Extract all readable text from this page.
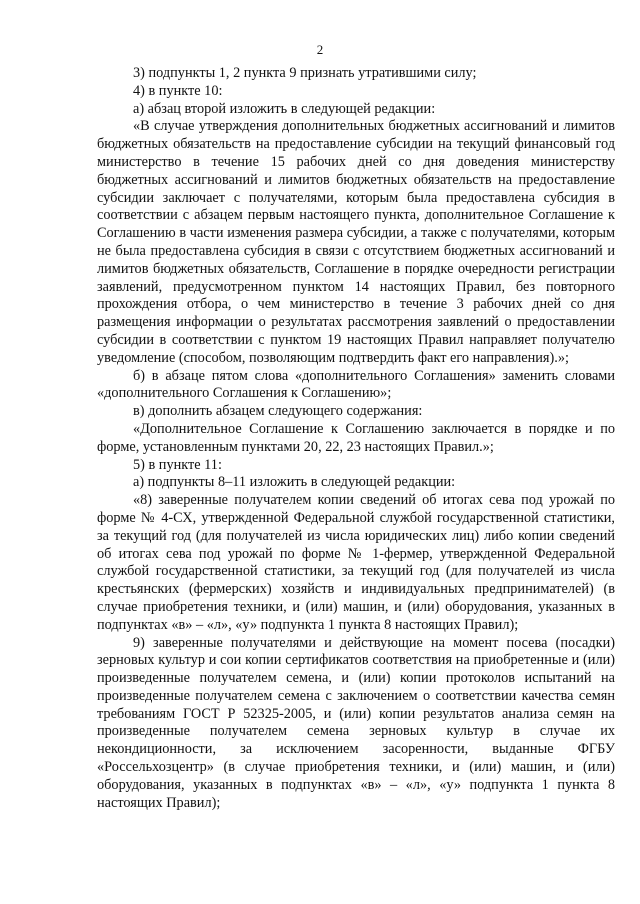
2

3) подпункты 1, 2 пункта 9 признать утратившими силу;

4) в пункте 10:

а) абзац второй изложить в следующей редакции:

«В случае утверждения дополнительных бюджетных ассигнований и лимитов бюджетных обязательств на предоставление субсидии на текущий финансовый год министерство в течение 15 рабочих дней со дня доведения министерству бюджетных ассигнований и лимитов бюджетных обязательств на предоставление субсидии заключает с получателями, которым была предоставлена субсидия в соответствии с абзацем первым настоящего пункта, дополнительное Соглашение к Соглашению в части изменения размера субсидии, а также с получателями, которым не была предоставлена субсидия в связи с отсутствием бюджетных ассигнований и лимитов бюджетных обязательств, Соглашение в порядке очередности регистрации заявлений, предусмотренном пунктом 14 настоящих Правил, без повторного прохождения отбора, о чем министерство в течение 3 рабочих дней со дня размещения информации о результатах рассмотрения заявлений о предоставлении субсидии в соответствии с пунктом 19 настоящих Правил направляет получателю уведомление (способом, позволяющим подтвердить факт его направления).»;

б) в абзаце пятом слова «дополнительного Соглашения» заменить словами «дополнительного Соглашения к Соглашению»;

в) дополнить абзацем следующего содержания:

«Дополнительное Соглашение к Соглашению заключается в порядке и по форме, установленным пунктами 20, 22, 23 настоящих Правил.»;

5) в пункте 11:

а) подпункты 8–11 изложить в следующей редакции:

«8) заверенные получателем копии сведений об итогах сева под урожай по форме № 4-СХ, утвержденной Федеральной службой государственной статистики, за текущий год (для получателей из числа юридических лиц) либо копии сведений об итогах сева под урожай по форме № 1-фермер, утвержденной Федеральной службой государственной статистики, за текущий год (для получателей из числа крестьянских (фермерских) хозяйств и индивидуальных предпринимателей) (в случае приобретения техники, и (или) машин, и (или) оборудования, указанных в подпунктах «в» – «л», «у» подпункта 1 пункта 8 настоящих Правил);

9) заверенные получателями и действующие на момент посева (посадки) зерновых культур и сои копии сертификатов соответствия на приобретенные и (или) произведенные получателем семена, и (или) копии протоколов испытаний на произведенные получателем семена с заключением о соответствии качества семян требованиям ГОСТ Р 52325-2005, и (или) копии результатов анализа семян на произведенные получателем семена зерновых культур в случае их некондиционности, за исключением засоренности, выданные ФГБУ «Россельхозцентр» (в случае приобретения техники, и (или) машин, и (или) оборудования, указанных в подпунктах «в» – «л», «у» подпункта 1 пункта 8 настоящих Правил);
